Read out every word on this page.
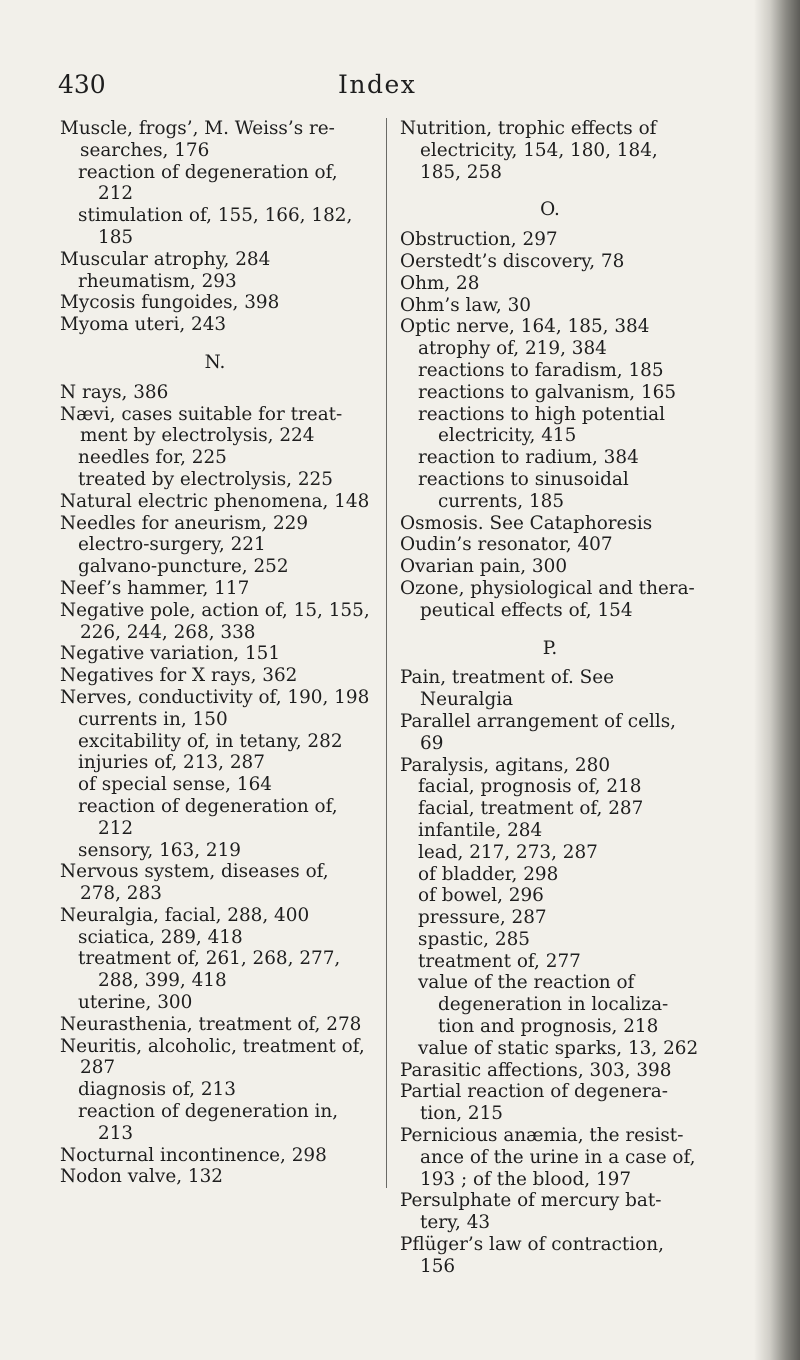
430	Index
Muscle, frogs’, M. Weiss’s re-searches, 176
reaction of degeneration of, 212
stimulation of, 155, 166, 182, 185
Muscular atrophy, 284
rheumatism, 293
Mycosis fungoides, 398
Myoma uteri, 243
N.
N rays, 386
Nævi, cases suitable for treat-ment by electrolysis, 224
needles for, 225
treated by electrolysis, 225
Natural electric phenomena, 148
Needles for aneurism, 229
electro-surgery, 221
galvano-puncture, 252
Neef’s hammer, 117
Negative pole, action of, 15, 155, 226, 244, 268, 338
Negative variation, 151
Negatives for X rays, 362
Nerves, conductivity of, 190, 198
currents in, 150
excitability of, in tetany, 282
injuries of, 213, 287
of special sense, 164
reaction of degeneration of, 212
sensory, 163, 219
Nervous system, diseases of, 278, 283
Neuralgia, facial, 288, 400
sciatica, 289, 418
treatment of, 261, 268, 277, 288, 399, 418
uterine, 300
Neurasthenia, treatment of, 278
Neuritis, alcoholic, treatment of, 287
diagnosis of, 213
reaction of degeneration in, 213
Nocturnal incontinence, 298
Nodon valve, 132
Nutrition, trophic effects of electricity, 154, 180, 184, 185, 258
O.
Obstruction, 297
Oerstedt’s discovery, 78
Ohm, 28
Ohm’s law, 30
Optic nerve, 164, 185, 384
atrophy of, 219, 384
reactions to faradism, 185
reactions to galvanism, 165
reactions to high potential electricity, 415
reaction to radium, 384
reactions to sinusoidal currents, 185
Osmosis. See Cataphoresis
Oudin’s resonator, 407
Ovarian pain, 300
Ozone, physiological and thera-peutical effects of, 154
P.
Pain, treatment of. See Neuralgia
Parallel arrangement of cells, 69
Paralysis, agitans, 280
facial, prognosis of, 218
facial, treatment of, 287
infantile, 284
lead, 217, 273, 287
of bladder, 298
of bowel, 296
pressure, 287
spastic, 285
treatment of, 277
value of the reaction of degeneration in localiza-tion and prognosis, 218
value of static sparks, 13, 262
Parasitic affections, 303, 398
Partial reaction of degenera-tion, 215
Pernicious anæmia, the resist-ance of the urine in a case of, 193 ; of the blood, 197
Persulphate of mercury bat-tery, 43
Pflüger’s law of contraction, 156
